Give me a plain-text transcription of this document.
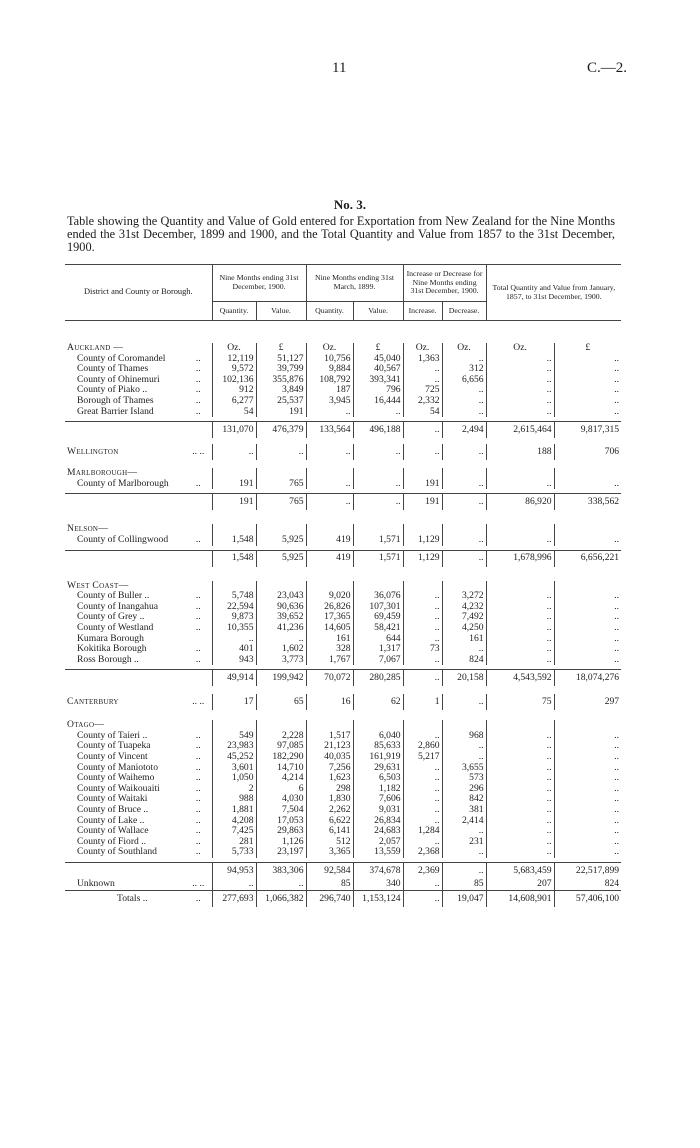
11	C.—2.
No. 3.
Table showing the Quantity and Value of Gold entered for Exportation from New Zealand for the Nine Months ended the 31st December, 1899 and 1900, and the Total Quantity and Value from 1857 to the 31st December, 1900.
District and County or Borough.		Nine Months ending 31st December, 1900.		Nine Months ending 31st March, 1899.		Increase or Decrease for Nine Months ending 31st December, 1900.		Total Quantity and Value from January, 1857, to 31st December, 1900.	
		Quantity.	Value.	Quantity.	Value.	Increase.	Decrease.		

Auckland —		Oz.	£	Oz.	£	Oz.	Oz.	Oz.	£
County of Coromandel	..	12,119	51,127	10,756	45,040	1,363	..	..	..
County of Thames	..	9,572	39,799	9,884	40,567	..	312	..	..
County of Ohinemuri	..	102,136	355,876	108,792	393,341	..	6,656	..	..
County of Piako ..	..	912	3,849	187	796	725	..	..	..
Borough of Thames	..	6,277	25,537	3,945	16,444	2,332	..	..	..
Great Barrier Island	..	54	191	..	..	54	..	..	..

		131,070	476,379	133,564	496,188	..	2,494	2,615,464	9,817,315

Wellington	.. ..	..	..	..	..	..	..	188	706

Marlborough—									
County of Marlborough	..	191	765	..	..	191	..	..	..

		191	765	..	..	191	..	86,920	338,562

Nelson—									
County of Collingwood	..	1,548	5,925	419	1,571	1,129	..	..	..

		1,548	5,925	419	1,571	1,129	..	1,678,996	6,656,221

West Coast—									
County of Buller ..	..	5,748	23,043	9,020	36,076	..	3,272	..	..
County of Inangahua	..	22,594	90,636	26,826	107,301	..	4,232	..	..
County of Grey ..	..	9,873	39,652	17,365	69,459	..	7,492	..	..
County of Westland	..	10,355	41,236	14,605	58,421	..	4,250	..	..
Kumara Borough		..	..	161	644	..	161	..	..
Kokitika Borough	..	401	1,602	328	1,317	73	..	..	..
Ross Borough ..	..	943	3,773	1,767	7,067	..	824	..	..

		49,914	199,942	70,072	280,285	..	20,158	4,543,592	18,074,276

Canterbury	.. ..	17	65	16	62	1	..	75	297

Otago—									
County of Taieri ..	..	549	2,228	1,517	6,040	..	968	..	..
County of Tuapeka	..	23,983	97,085	21,123	85,633	2,860	..	..	..
County of Vincent	..	45,252	182,290	40,035	161,919	5,217	..	..	..
County of Maniototo	..	3,601	14,710	7,256	29,631	..	3,655	..	..
County of Waihemo	..	1,050	4,214	1,623	6,503	..	573	..	..
County of Waikouaiti	..	2	6	298	1,182	..	296	..	..
County of Waitaki	..	988	4,030	1,830	7,606	..	842	..	..
County of Bruce ..	..	1,881	7,504	2,262	9,031	..	381	..	..
County of Lake ..	..	4,208	17,053	6,622	26,834	..	2,414	..	..
County of Wallace	..	7,425	29,863	6,141	24,683	1,284	..	..	..
County of Fiord ..	..	281	1,126	512	2,057	..	231	..	..
County of Southland	..	5,733	23,197	3,365	13,559	2,368	..	..	..

		94,953	383,306	92,584	374,678	2,369	..	5,683,459	22,517,899
Unknown	.. ..	..	..	85	340	..	85	207	824
Totals ..	..	277,693	1,066,382	296,740	1,153,124	..	19,047	14,608,901	57,406,100
